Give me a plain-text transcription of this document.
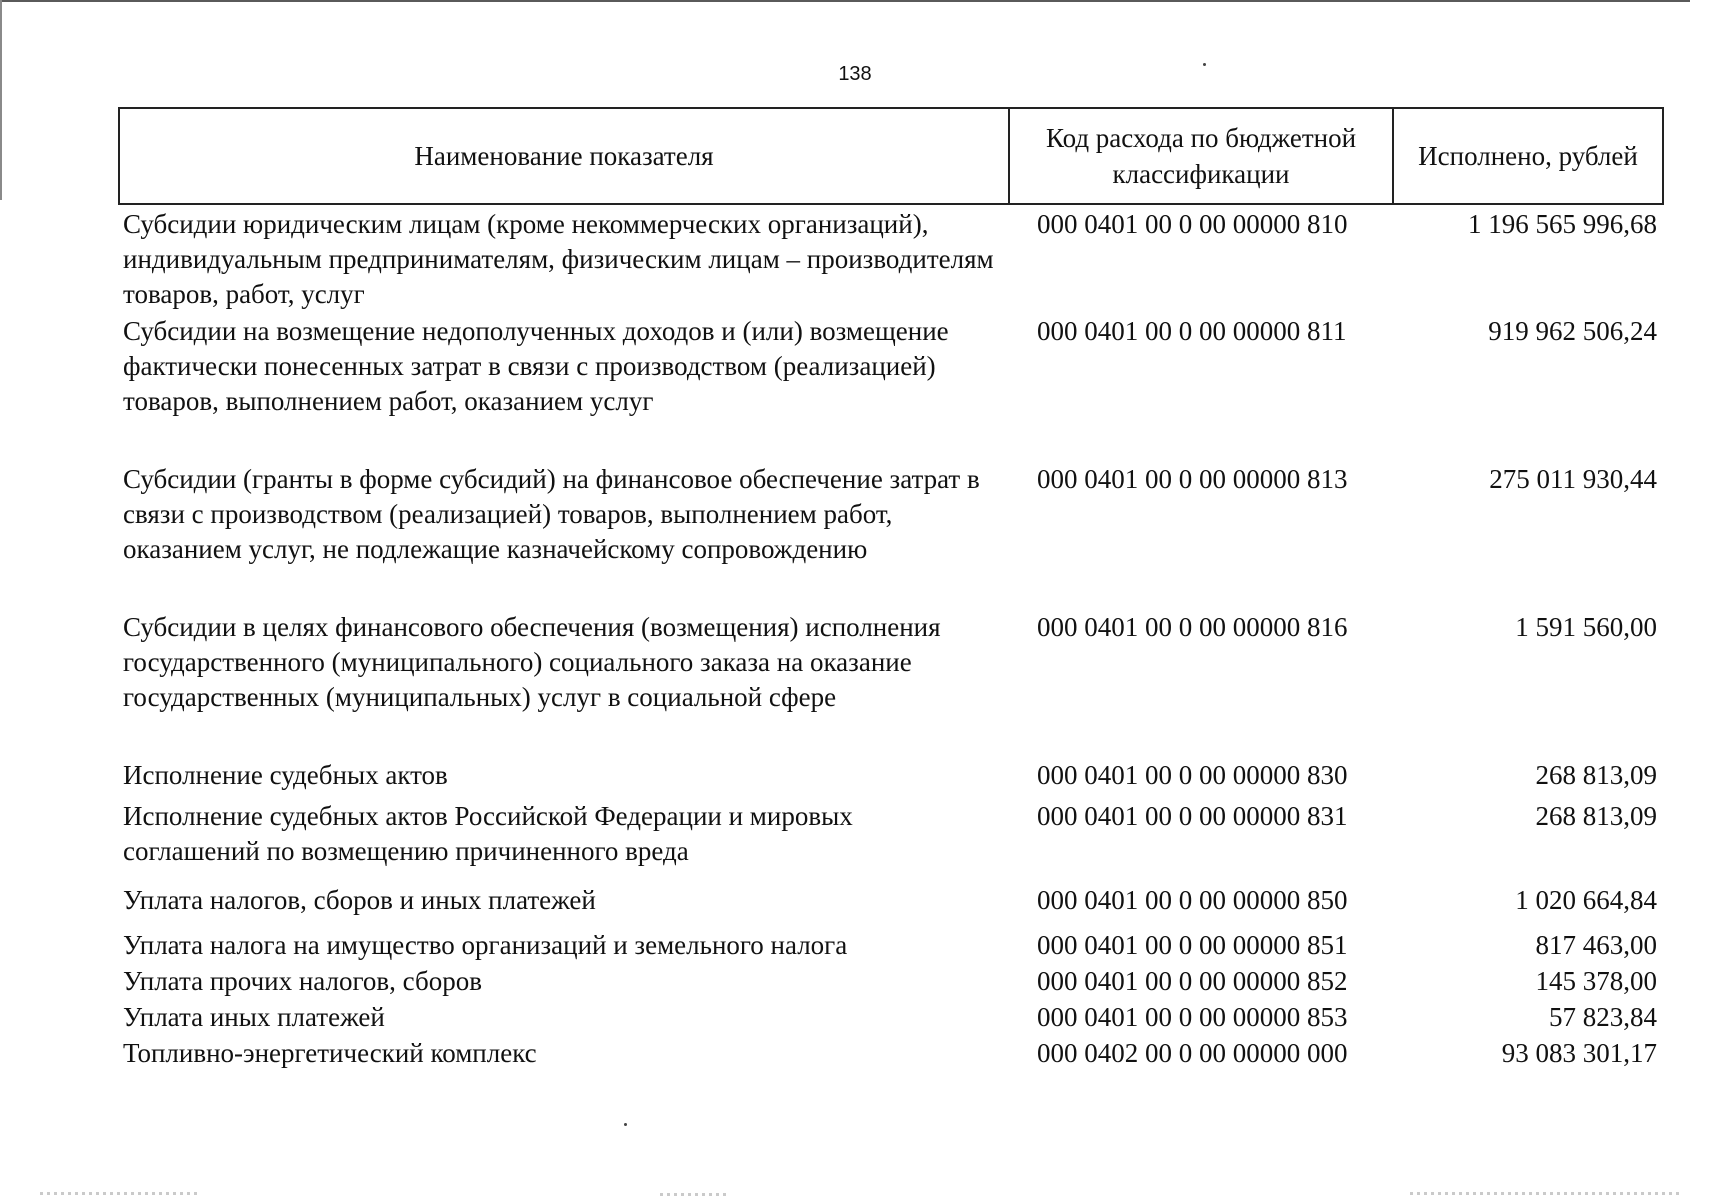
138
Наименование показателя	Код расхода по бюджетной классификации	Исполнено, рублей
Субсидии юридическим лицам (кроме некоммерческих организаций), индивидуальным предпринимателям, физическим лицам – производителям товаров, работ, услуг	000 0401 00 0 00 00000 810	1 196 565 996,68
Субсидии на возмещение недополученных доходов и (или) возмещение фактически понесенных затрат в связи с производством (реализацией) товаров, выполнением работ, оказанием услуг	000 0401 00 0 00 00000 811	919 962 506,24
Субсидии (гранты в форме субсидий) на финансовое обеспечение затрат в связи с производством (реализацией) товаров, выполнением работ, оказанием услуг, не подлежащие казначейскому сопровождению	000 0401 00 0 00 00000 813	275 011 930,44
Субсидии в целях финансового обеспечения (возмещения) исполнения государственного (муниципального) социального заказа на оказание государственных (муниципальных) услуг в социальной сфере	000 0401 00 0 00 00000 816	1 591 560,00
Исполнение судебных актов	000 0401 00 0 00 00000 830	268 813,09
Исполнение судебных актов Российской Федерации и мировых соглашений по возмещению причиненного вреда	000 0401 00 0 00 00000 831	268 813,09
Уплата налогов, сборов и иных платежей	000 0401 00 0 00 00000 850	1 020 664,84
Уплата налога на имущество организаций и земельного налога	000 0401 00 0 00 00000 851	817 463,00
Уплата прочих налогов, сборов	000 0401 00 0 00 00000 852	145 378,00
Уплата иных платежей	000 0401 00 0 00 00000 853	57 823,84
Топливно-энергетический комплекс	000 0402 00 0 00 00000 000	93 083 301,17
